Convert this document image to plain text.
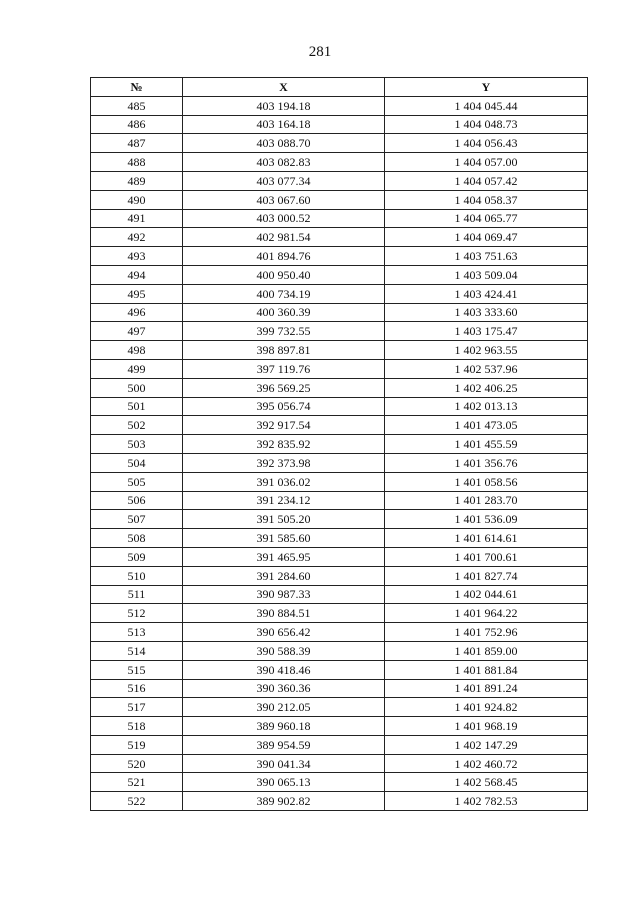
281
№	X	Y
485	403 194.18	1 404 045.44
486	403 164.18	1 404 048.73
487	403 088.70	1 404 056.43
488	403 082.83	1 404 057.00
489	403 077.34	1 404 057.42
490	403 067.60	1 404 058.37
491	403 000.52	1 404 065.77
492	402 981.54	1 404 069.47
493	401 894.76	1 403 751.63
494	400 950.40	1 403 509.04
495	400 734.19	1 403 424.41
496	400 360.39	1 403 333.60
497	399 732.55	1 403 175.47
498	398 897.81	1 402 963.55
499	397 119.76	1 402 537.96
500	396 569.25	1 402 406.25
501	395 056.74	1 402 013.13
502	392 917.54	1 401 473.05
503	392 835.92	1 401 455.59
504	392 373.98	1 401 356.76
505	391 036.02	1 401 058.56
506	391 234.12	1 401 283.70
507	391 505.20	1 401 536.09
508	391 585.60	1 401 614.61
509	391 465.95	1 401 700.61
510	391 284.60	1 401 827.74
511	390 987.33	1 402 044.61
512	390 884.51	1 401 964.22
513	390 656.42	1 401 752.96
514	390 588.39	1 401 859.00
515	390 418.46	1 401 881.84
516	390 360.36	1 401 891.24
517	390 212.05	1 401 924.82
518	389 960.18	1 401 968.19
519	389 954.59	1 402 147.29
520	390 041.34	1 402 460.72
521	390 065.13	1 402 568.45
522	389 902.82	1 402 782.53
